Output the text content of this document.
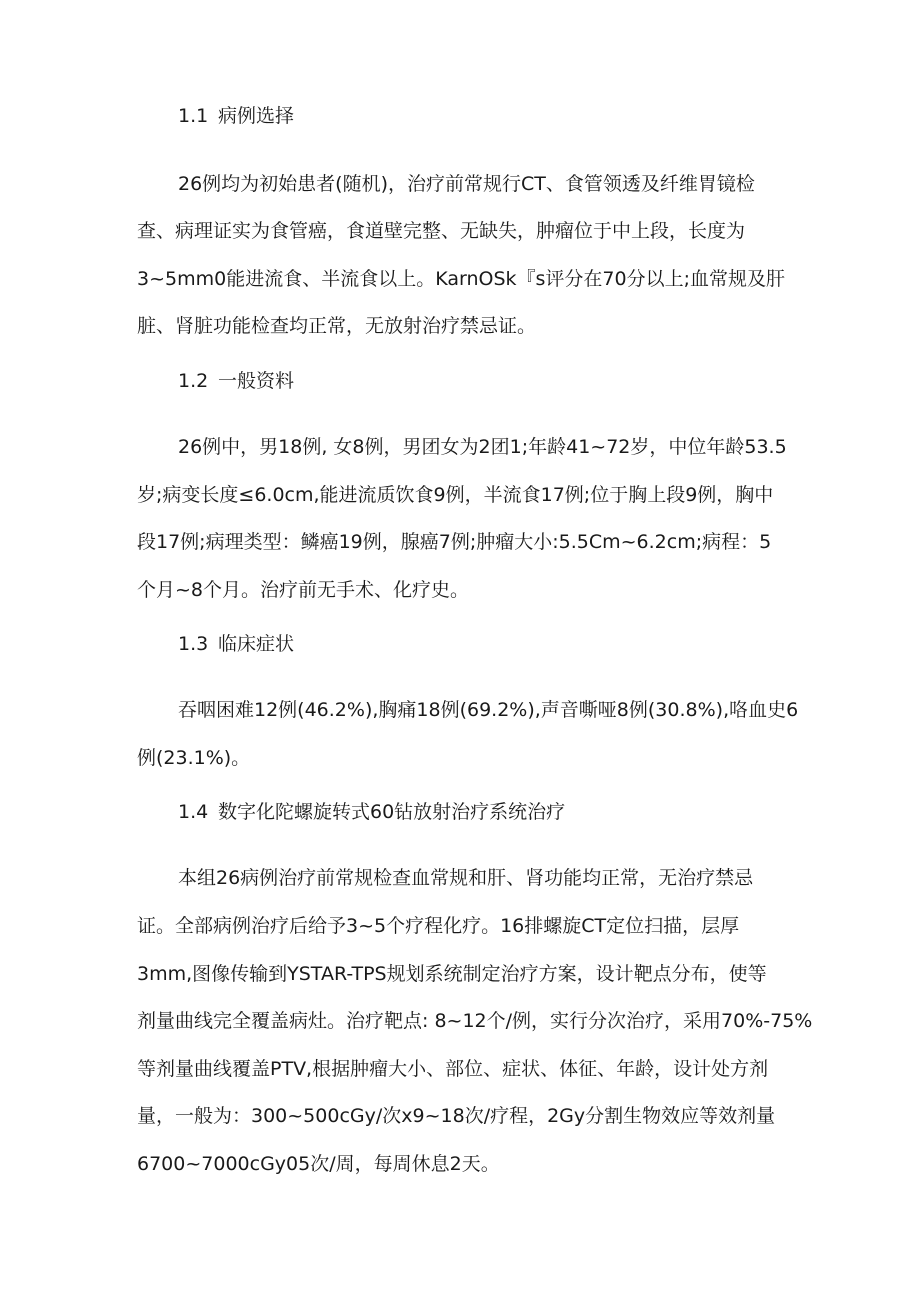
1.1 病例选择
26例均为初始患者(随机)，治疗前常规行CT、食管领透及纤维胃镜检
查、病理证实为食管癌，食道壁完整、无缺失，肿瘤位于中上段，长度为
3~5mm0能进流食、半流食以上。KarnOSk『s评分在70分以上;血常规及肝
脏、肾脏功能检查均正常，无放射治疗禁忌证。
1.2 一般资料
26例中，男18例, 女8例，男团女为2团1;年龄41~72岁，中位年龄53.5
岁;病变长度≤6.0cm,能进流质饮食9例，半流食17例;位于胸上段9例，胸中
段17例;病理类型：鳞癌19例，腺癌7例;肿瘤大小:5.5Cm~6.2cm;病程：5
个月~8个月。治疗前无手术、化疗史。
1.3 临床症状
吞咽困难12例(46.2%),胸痛18例(69.2%),声音嘶哑8例(30.8%),咯血史6
例(23.1%)。
1.4 数字化陀螺旋转式60钻放射治疗系统治疗
本组26病例治疗前常规检查血常规和肝、肾功能均正常，无治疗禁忌
证。全部病例治疗后给予3~5个疗程化疗。16排螺旋CT定位扫描，层厚
3mm,图像传输到YSTAR-TPS规划系统制定治疗方案，设计靶点分布，使等
剂量曲线完全覆盖病灶。治疗靶点: 8~12个/例，实行分次治疗，采用70%-75%
等剂量曲线覆盖PTV,根据肿瘤大小、部位、症状、体征、年龄，设计处方剂
量，一般为：300~500cGy/次x9~18次/疗程，2Gy分割生物效应等效剂量
6700~7000cGy05次/周，每周休息2天。
